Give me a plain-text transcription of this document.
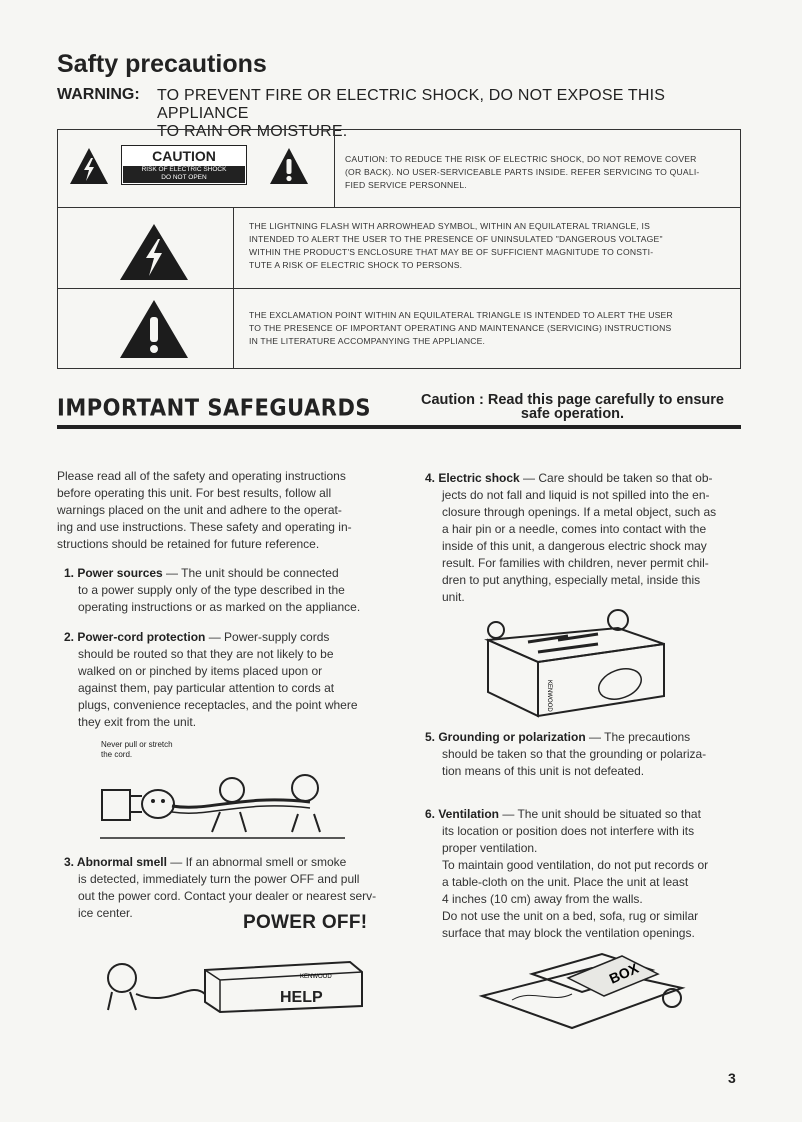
Safty precautions
WARNING: TO PREVENT FIRE OR ELECTRIC SHOCK, DO NOT EXPOSE THIS APPLIANCE
TO RAIN OR MOISTURE.
CAUTION
RISK OF ELECTRIC SHOCK
DO NOT OPEN
CAUTION: TO REDUCE THE RISK OF ELECTRIC SHOCK, DO NOT REMOVE COVER
(OR BACK). NO USER-SERVICEABLE PARTS INSIDE. REFER SERVICING TO QUALI-
FIED SERVICE PERSONNEL.
THE LIGHTNING FLASH WITH ARROWHEAD SYMBOL, WITHIN AN EQUILATERAL TRIANGLE, IS
INTENDED TO ALERT THE USER TO THE PRESENCE OF UNINSULATED "DANGEROUS VOLTAGE"
WITHIN THE PRODUCT'S ENCLOSURE THAT MAY BE OF SUFFICIENT MAGNITUDE TO CONSTI-
TUTE A RISK OF ELECTRIC SHOCK TO PERSONS.
THE EXCLAMATION POINT WITHIN AN EQUILATERAL TRIANGLE IS INTENDED TO ALERT THE USER
TO THE PRESENCE OF IMPORTANT OPERATING AND MAINTENANCE (SERVICING) INSTRUCTIONS
IN THE LITERATURE ACCOMPANYING THE APPLIANCE.
IMPORTANT SAFEGUARDS	Caution : Read this page carefully to ensure
safe operation.
Please read all of the safety and operating instructions
before operating this unit. For best results, follow all
warnings placed on the unit and adhere to the operat-
ing and use instructions. These safety and operating in-
structions should be retained for future reference.
1. Power sources — The unit should be connected
to a power supply only of the type described in the
operating instructions or as marked on the appliance.
2. Power-cord protection — Power-supply cords
should be routed so that they are not likely to be
walked on or pinched by items placed upon or
against them, pay particular attention to cords at
plugs, convenience receptacles, and the point where
they exit from the unit.
Never pull or stretch
the cord.
3. Abnormal smell — If an abnormal smell or smoke
is detected, immediately turn the power OFF and pull
out the power cord. Contact your dealer or nearest serv-
ice center.	POWER OFF!
KENWOOD
HELP
4. Electric shock — Care should be taken so that ob-
jects do not fall and liquid is not spilled into the en-
closure through openings. If a metal object, such as
a hair pin or a needle, comes into contact with the
inside of this unit, a dangerous electric shock may
result. For families with children, never permit chil-
dren to put anything, especially metal, inside this
unit.
KENWOOD
5. Grounding or polarization — The precautions
should be taken so that the grounding or polariza-
tion means of this unit is not defeated.
6. Ventilation — The unit should be situated so that
its location or position does not interfere with its
proper ventilation.
To maintain good ventilation, do not put records or
a table-cloth on the unit. Place the unit at least
4 inches (10 cm) away from the walls.
Do not use the unit on a bed, sofa, rug or similar
surface that may block the ventilation openings.
BOX
3
